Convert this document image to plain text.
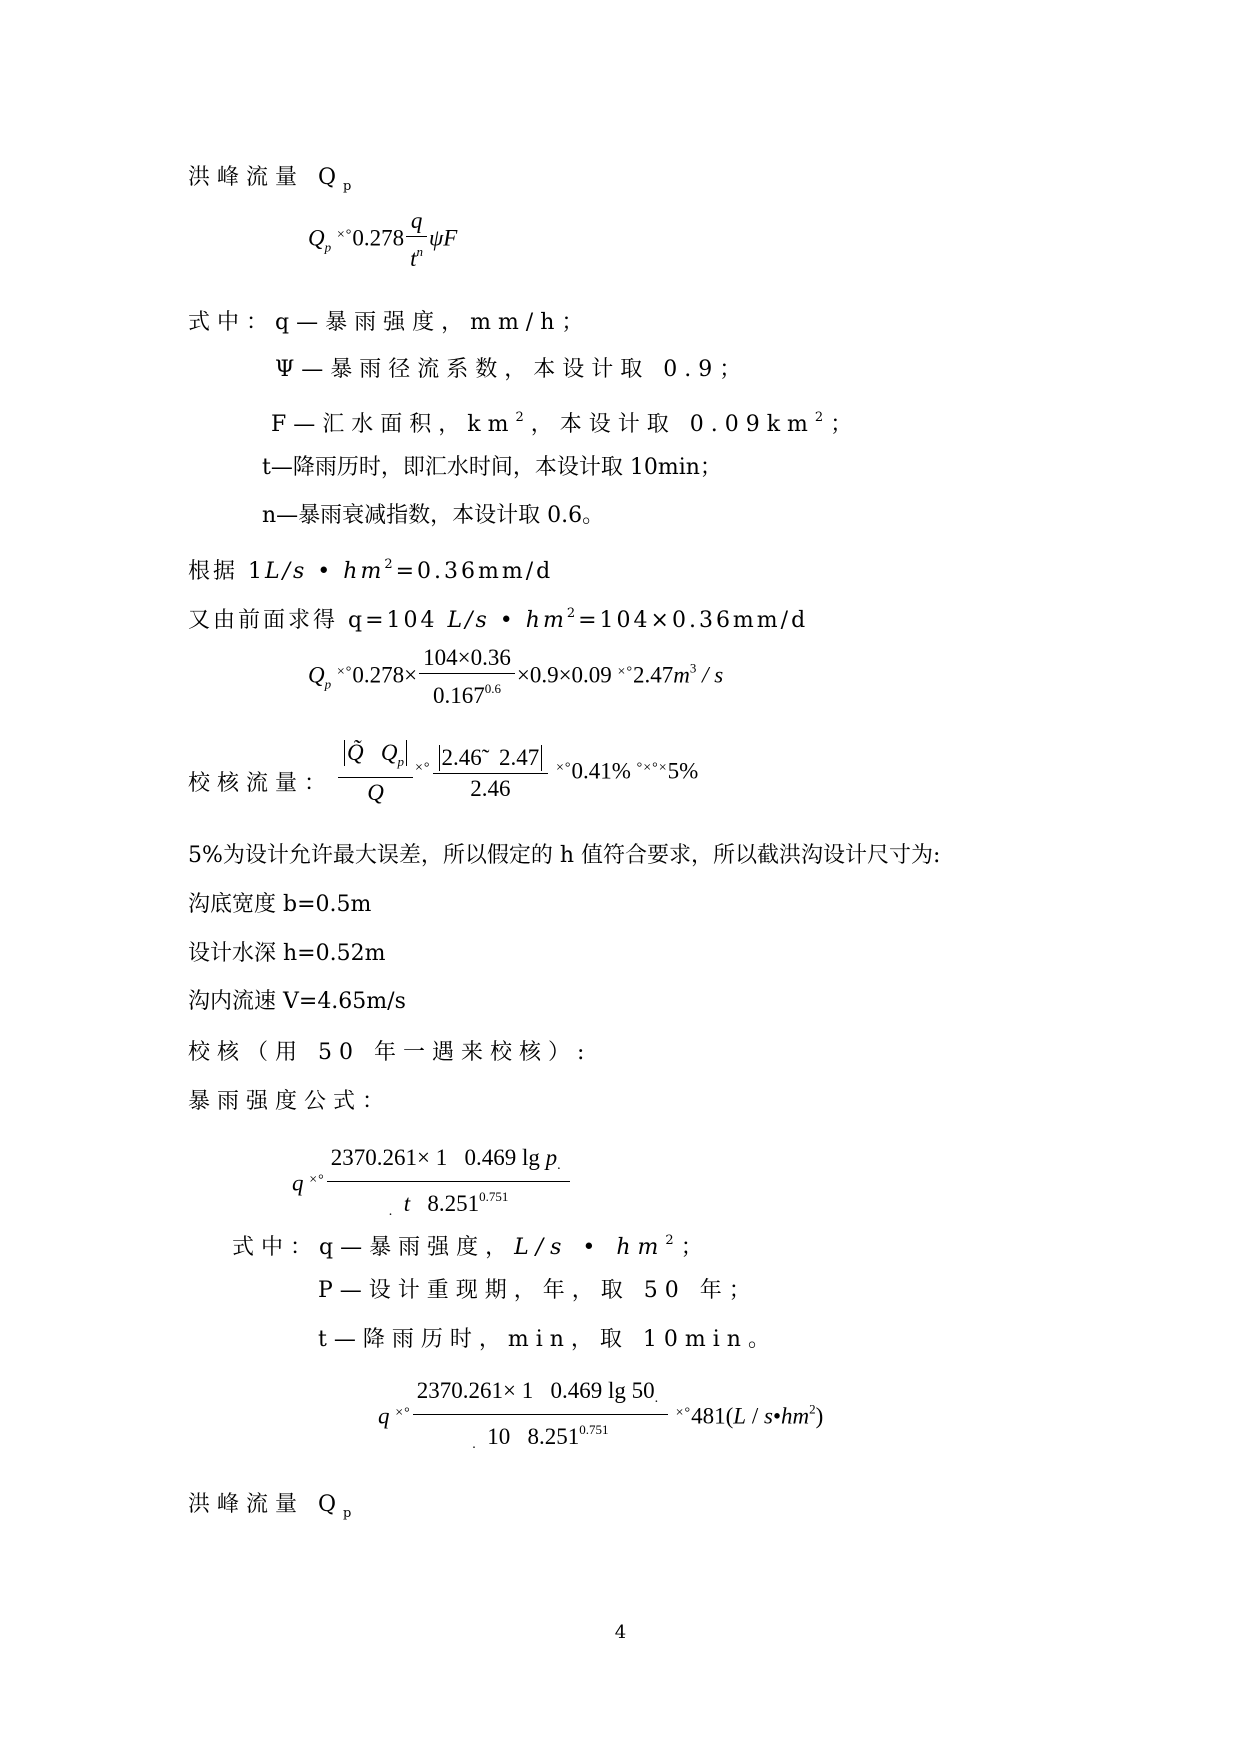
洪峰流量 $Q_p$
$Q_p$ $^{\times^\circ}0.278 \frac{q}{t^n}$ ψF
式中：q—暴雨强度，mm/h；
Ψ—暴雨径流系数，本设计取 0.9；
F—汇水面积，$km^2$，本设计取 $0.09km^2$；
t—降雨历时，即汇水时间，本设计取 10min；
n—暴雨衰减指数，本设计取 0.6。
根据 1L/s • $hm^2=0.36mm/d$
又由前面求得 q=104 L/s • $hm^2=104\times 0.36mm/d$
$Q_p$ $^{\times^\circ}0.278\times \frac{104\times 0.36}{0.167^{0.6}} \times 0.9\times 0.09$ $^{\times^\circ}2.47m^3$ / s
校核流量： $\frac{Q̃ Q_p}{Q} ^{\times^\circ} \frac{2.46̃ 2.47}{2.46} ^{\times^\circ}0.41\%$ °×°×5%
5%为设计允许最大误差，所以假定的 h 值符合要求，所以截洪沟设计尺寸为:
沟底宽度 b=0.5m
设计水深 h=0.52m
沟内流速 V=4.65m/s
校核（用 50 年一遇来校核）:
暴雨强度公式：
q $^{\times^\circ} \frac{\text{2370.261× 1 0.469 lg p.}}{. t 8.251^{0.751}}$
式中：q—暴雨强度，L/s • $hm^2$；
P—设计重现期，年，取 50 年；
t—降雨历时，min，取 10min。
q $^{\times^\circ} \frac{2370.261\times 1 0.469 \lg 50.}{. 10 8.251^{0.751}} ^{\times^\circ}481(L$ / $s•hm^2$)
洪峰流量 $Q_p$
4
